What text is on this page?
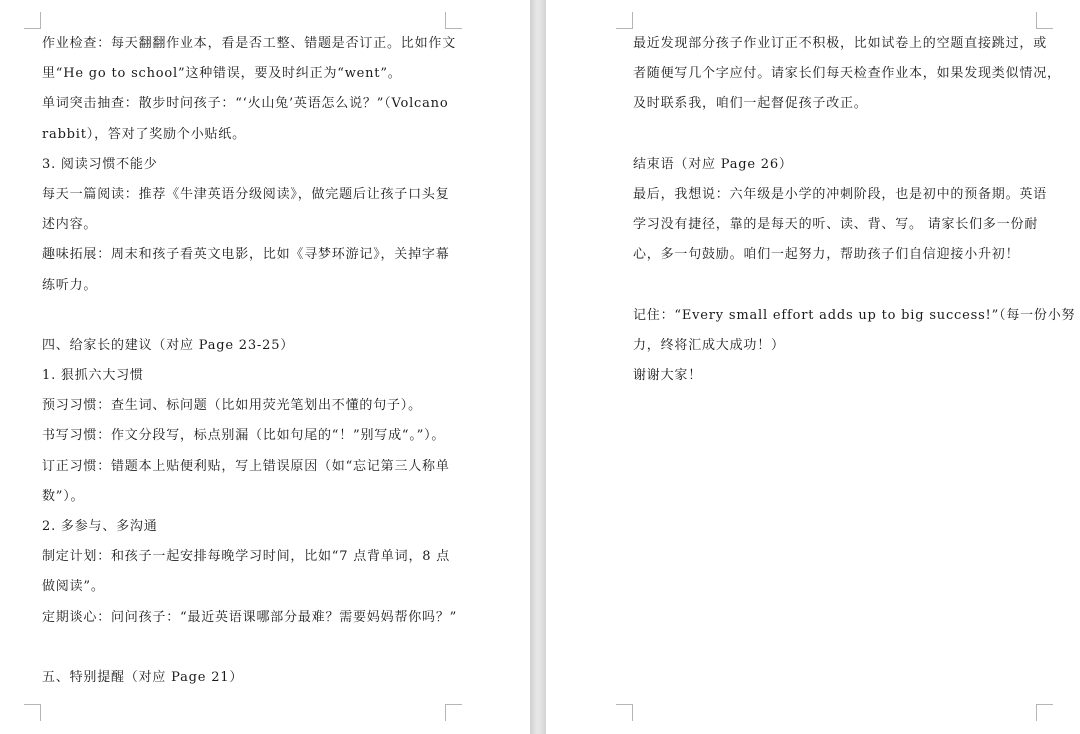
作业检查：每天翻翻作业本，看是否工整、错题是否订正。比如作文
里“He go to school”这种错误，要及时纠正为“went”。
单词突击抽查：散步时问孩子：“‘火山兔’英语怎么说？”（Volcano
rabbit），答对了奖励个小贴纸。
3. 阅读习惯不能少
每天一篇阅读：推荐《牛津英语分级阅读》，做完题后让孩子口头复
述内容。
趣味拓展：周末和孩子看英文电影，比如《寻梦环游记》，关掉字幕
练听力。
四、给家长的建议（对应 Page 23-25）
1. 狠抓六大习惯
预习习惯：查生词、标问题（比如用荧光笔划出不懂的句子）。
书写习惯：作文分段写，标点别漏（比如句尾的“！”别写成“。”）。
订正习惯：错题本上贴便利贴，写上错误原因（如“忘记第三人称单
数”）。
2. 多参与、多沟通
制定计划：和孩子一起安排每晚学习时间，比如“7 点背单词，8 点
做阅读”。
定期谈心：问问孩子：“最近英语课哪部分最难？需要妈妈帮你吗？”
五、特别提醒（对应 Page 21）
最近发现部分孩子作业订正不积极，比如试卷上的空题直接跳过，或
者随便写几个字应付。请家长们每天检查作业本，如果发现类似情况，
及时联系我，咱们一起督促孩子改正。
结束语（对应 Page 26）
最后，我想说：六年级是小学的冲刺阶段，也是初中的预备期。英语
学习没有捷径，靠的是每天的听、读、背、写。 请家长们多一份耐
心，多一句鼓励。咱们一起努力，帮助孩子们自信迎接小升初！
记住：“Every small effort adds up to big success!”（每一份小努
力，终将汇成大成功！）
谢谢大家！
